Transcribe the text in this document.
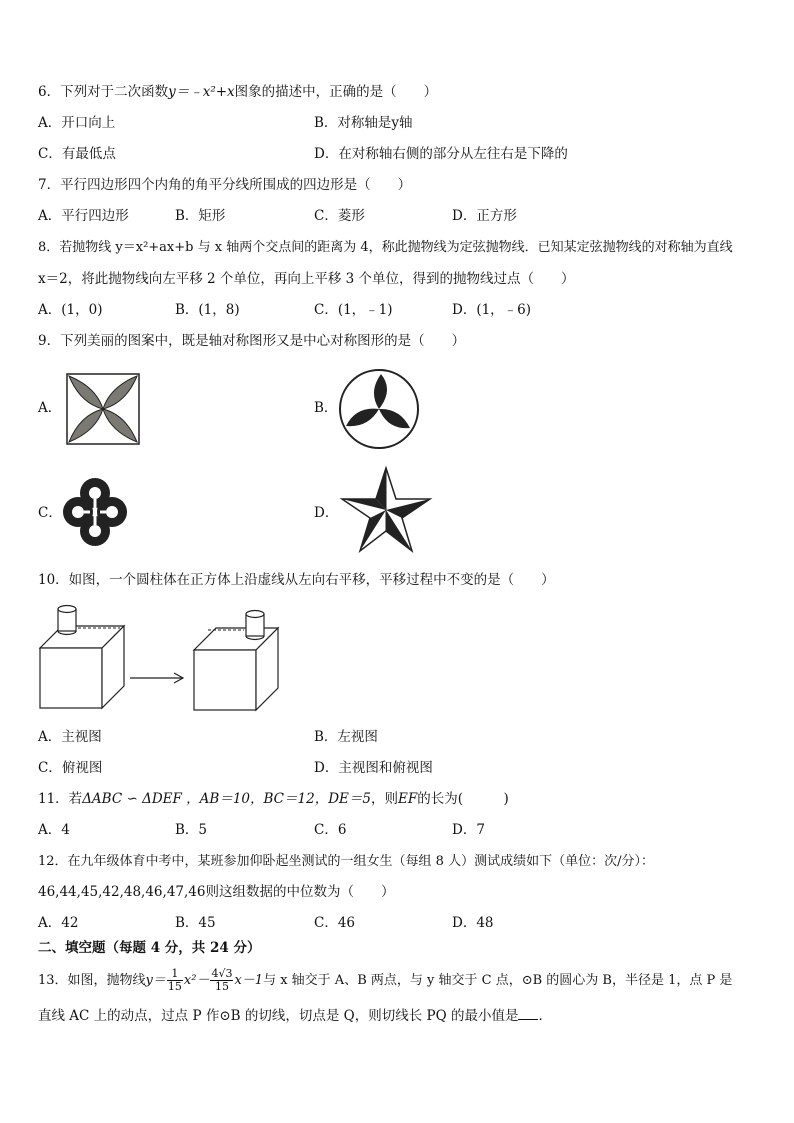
6．下列对于二次函数y＝﹣x²+x图象的描述中，正确的是（　　）
A．开口向上	B．对称轴是y轴
C．有最低点	D．在对称轴右侧的部分从左往右是下降的
7．平行四边形四个内角的角平分线所围成的四边形是（　　）
A．平行四边形	B．矩形	C．菱形	D．正方形
8．若抛物线 y＝x²+ax+b 与 x 轴两个交点间的距离为 4，称此抛物线为定弦抛物线．已知某定弦抛物线的对称轴为直线
x＝2，将此抛物线向左平移 2 个单位，再向上平移 3 个单位，得到的抛物线过点（　　）
A．(1，0)	B．(1，8)	C．(1，﹣1)	D．(1，﹣6)
9．下列美丽的图案中，既是轴对称图形又是中心对称图形的是（　　）
A．	B．
C．	D．
10．如图，一个圆柱体在正方体上沿虚线从左向右平移，平移过程中不变的是（　　）
A．主视图	B．左视图
C．俯视图	D．主视图和俯视图
11．若ΔABC ∽ ΔDEF ，AB＝10，BC＝12，DE＝5，则EF的长为(　　　)
A．4	B．5	C．6	D．7
12．在九年级体育中考中，某班参加仰卧起坐测试的一组女生（每组 8 人）测试成绩如下（单位：次/分）：
46,44,45,42,48,46,47,46则这组数据的中位数为（　　）
A．42	B．45	C．46	D．48
二、填空题（每题 4 分，共 24 分）
13．如图，抛物线$y= \frac{1}{15} x^2- \frac{4√3}{15} x-1$与 x 轴交于 A、B 两点，与 y 轴交于 C 点，⊙B 的圆心为 B，半径是 1，点 P 是
直线 AC 上的动点，过点 P 作⊙B 的切线，切点是 Q，则切线长 PQ 的最小值是 ．
